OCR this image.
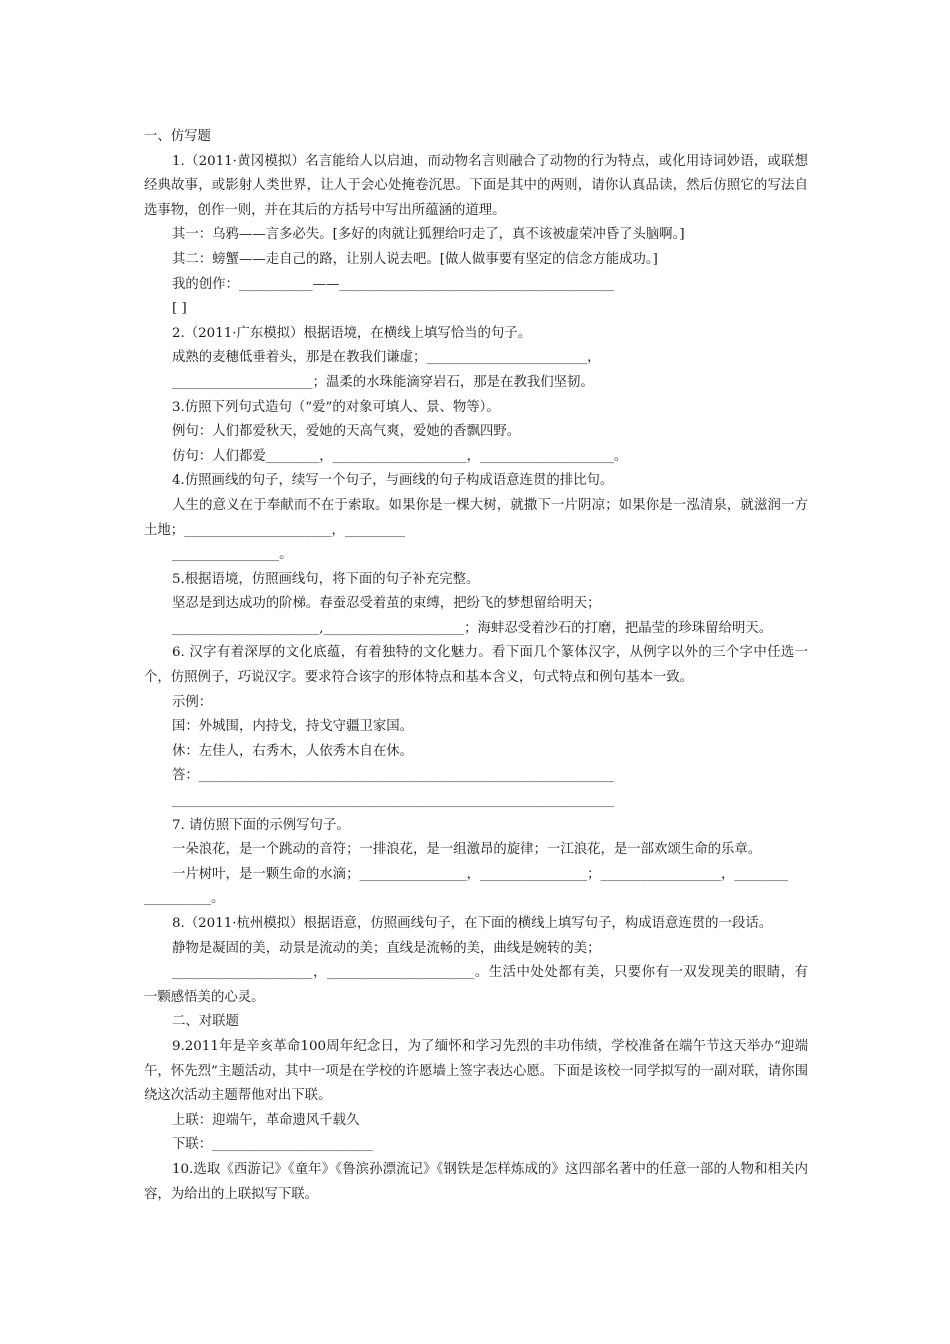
一、仿写题

1.（2011·黄冈模拟）名言能给人以启迪，而动物名言则融合了动物的行为特点，或化用诗词妙语，或联想经典故事，或影射人类世界，让人于会心处掩卷沉思。下面是其中的两则，请你认真品读，然后仿照它的写法自选事物，创作一则，并在其后的方括号中写出所蕴涵的道理。

其一：乌鸦——言多必失。[多好的肉就让狐狸给叼走了，真不该被虚荣冲昏了头脑啊。]

其二：螃蟹——走自己的路，让别人说去吧。[做人做事要有坚定的信念方能成功。]

我的创作：___________——_________________________________________

[ ]

2.（2011·广东模拟）根据语境，在横线上填写恰当的句子。

成熟的麦穗低垂着头，那是在教我们谦虚；________________________，

_____________________；温柔的水珠能滴穿岩石，那是在教我们坚韧。

3.仿照下列句式造句（“爱”的对象可填人、景、物等）。

例句：人们都爱秋天，爱她的天高气爽，爱她的香飘四野。

仿句：人们都爱________，____________________，____________________。

4.仿照画线的句子，续写一个句子，与画线的句子构成语意连贯的排比句。

人生的意义在于奉献而不在于索取。如果你是一棵大树，就撒下一片阴凉；如果你是一泓清泉，就滋润一方土地；______________________，_________

________________。

5.根据语境，仿照画线句，将下面的句子补充完整。

坚忍是到达成功的阶梯。春蚕忍受着茧的束缚，把纷飞的梦想留给明天；

______________________,_____________________；海蚌忍受着沙石的打磨，把晶莹的珍珠留给明天。

6. 汉字有着深厚的文化底蕴，有着独特的文化魅力。看下面几个篆体汉字，从例字以外的三个字中任选一个，仿照例子，巧说汉字。要求符合该字的形体特点和基本含义，句式特点和例句基本一致。

示例：

国：外城围，内持戈，持戈守疆卫家国。

休：左佳人，右秀木，人依秀木自在休。

答：______________________________________________________________

__________________________________________________________________

7. 请仿照下面的示例写句子。

一朵浪花，是一个跳动的音符；一排浪花，是一组激昂的旋律；一江浪花，是一部欢颂生命的乐章。

一片树叶，是一颗生命的水滴；________________，________________；__________________，________

__________。

8.（2011·杭州模拟）根据语意，仿照画线句子，在下面的横线上填写句子，构成语意连贯的一段话。

静物是凝固的美，动景是流动的美；直线是流畅的美，曲线是婉转的美；

_____________________，______________________。生活中处处都有美，只要你有一双发现美的眼睛，有一颗感悟美的心灵。

二、对联题

9.2011年是辛亥革命100周年纪念日，为了缅怀和学习先烈的丰功伟绩，学校准备在端午节这天举办“迎端午，怀先烈”主题活动，其中一项是在学校的许愿墙上签字表达心愿。下面是该校一同学拟写的一副对联，请你围绕这次活动主题帮他对出下联。

上联：迎端午，革命遗风千载久

下联：________________________

10.选取《西游记》《童年》《鲁滨孙漂流记》《钢铁是怎样炼成的》这四部名著中的任意一部的人物和相关内容，为给出的上联拟写下联。
